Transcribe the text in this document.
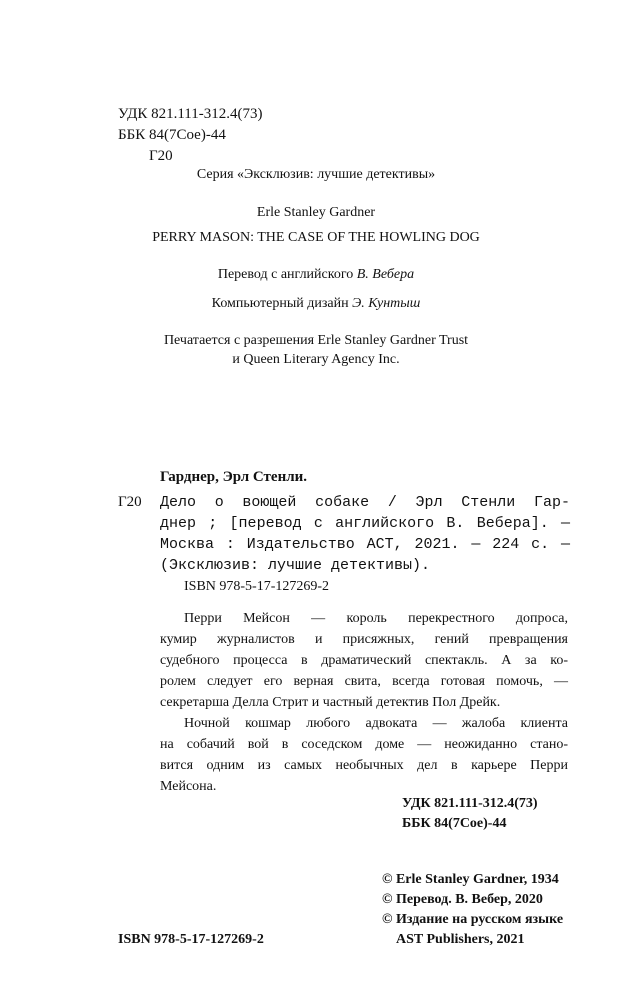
УДК 821.111-312.4(73)
ББК 84(7Сое)-44
Г20
Серия «Эксклюзив: лучшие детективы»
Erle Stanley Gardner
PERRY MASON: THE CASE OF THE HOWLING DOG
Перевод с английского В. Вебера
Компьютерный дизайн Э. Кунтыш
Печатается с разрешения Erle Stanley Gardner Trust
и Queen Literary Agency Inc.
Гарднер, Эрл Стенли.
Г20 Дело о воющей собаке / Эрл Стенли Гар-
днер ; [перевод с английского В. Вебера]. —
Москва : Издательство АСТ, 2021. — 224 с. —
(Эксклюзив: лучшие детективы).
ISBN 978-5-17-127269-2
Перри Мейсон — король перекрестного допроса,
кумир журналистов и присяжных, гений превращения
судебного процесса в драматический спектакль. А за ко-
ролем следует его верная свита, всегда готовая помочь, —
секретарша Делла Стрит и частный детектив Пол Дрейк.
Ночной кошмар любого адвоката — жалоба клиента
на собачий вой в соседском доме — неожиданно стано-
вится одним из самых необычных дел в карьере Перри
Мейсона.
УДК 821.111-312.4(73)
ББК 84(7Сое)-44
© Erle Stanley Gardner, 1934
© Перевод. В. Вебер, 2020
© Издание на русском языке
AST Publishers, 2021
ISBN 978-5-17-127269-2
